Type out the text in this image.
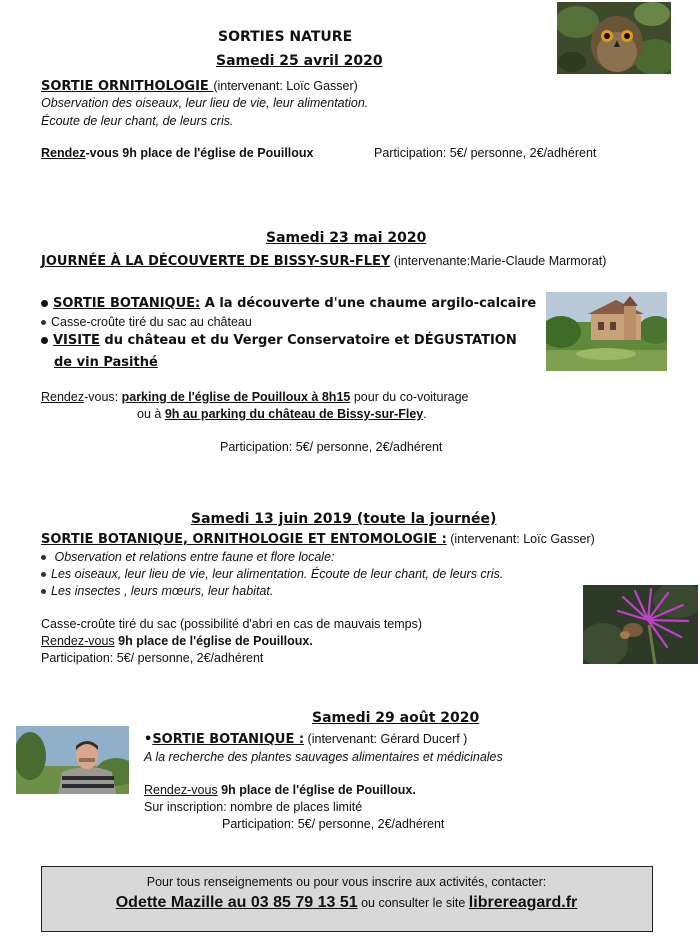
SORTIES NATURE
Samedi 25 avril 2020
SORTIE ORNITHOLOGIE (intervenant: Loïc Gasser)
Observation des oiseaux, leur lieu de vie, leur alimentation.
Écoute de leur chant, de leurs cris.
Rendez-vous 9h place de l'église de Pouilloux	Participation: 5€/ personne, 2€/adhérent
Samedi 23 mai 2020
JOURNÉE À LA DÉCOUVERTE DE BISSY-SUR-FLEY (intervenante:Marie-Claude Marmorat)
SORTIE BOTANIQUE: A la découverte d'une chaume argilo-calcaire
Casse-croûte tiré du sac au château
VISITE du château et du Verger Conservatoire et DÉGUSTATION
de vin Pasithé
Rendez-vous: parking de l'église de Pouilloux à 8h15 pour du co-voiturage
ou à 9h au parking du château de Bissy-sur-Fley.
Participation: 5€/ personne, 2€/adhérent
Samedi 13 juin 2019 (toute la journée)
SORTIE BOTANIQUE, ORNITHOLOGIE ET ENTOMOLOGIE : (intervenant: Loïc Gasser)
Observation et relations entre faune et flore locale:
Les oiseaux, leur lieu de vie, leur alimentation. Écoute de leur chant, de leurs cris.
Les insectes , leurs mœurs, leur habitat.
Casse-croûte tiré du sac (possibilité d'abri en cas de mauvais temps)
Rendez-vous 9h place de l'église de Pouilloux.
Participation: 5€/ personne, 2€/adhérent
Samedi 29 août 2020
•SORTIE BOTANIQUE : (intervenant: Gérard Ducerf )
A la recherche des plantes sauvages alimentaires et médicinales
Rendez-vous 9h place de l'église de Pouilloux.
Sur inscription: nombre de places limité
Participation: 5€/ personne, 2€/adhérent
Pour tous renseignements ou pour vous inscrire aux activités, contacter:
Odette Mazille au 03 85 79 13 51 ou consulter le site librereagard.fr
